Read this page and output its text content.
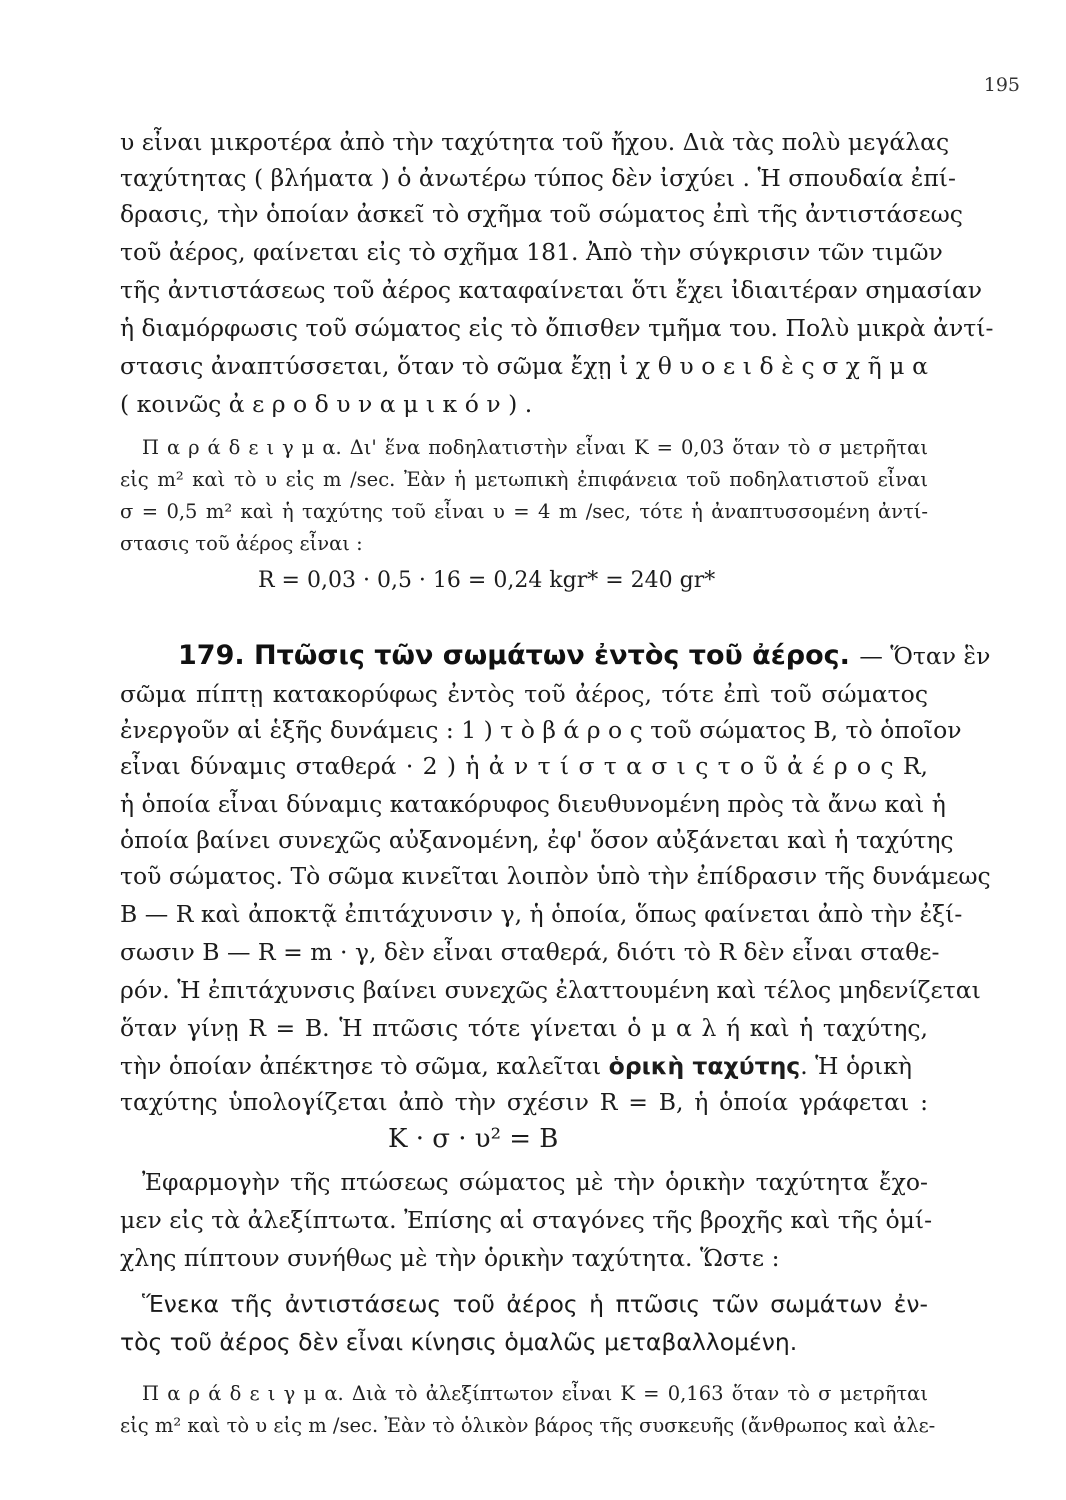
195
υ εἶναι μικροτέρα ἀπὸ τὴν ταχύτητα τοῦ ἤχου. Διὰ τὰς πολὺ μεγάλας
ταχύτητας ( βλήματα ) ὁ ἀνωτέρω τύπος δὲν ἰσχύει . Ἡ σπουδαία ἐπί-
δρασις, τὴν ὁποίαν ἀσκεῖ τὸ σχῆμα τοῦ σώματος ἐπὶ τῆς ἀντιστάσεως
τοῦ ἀέρος, φαίνεται εἰς τὸ σχῆμα 181. Ἀπὸ τὴν σύγκρισιν τῶν τιμῶν
τῆς ἀντιστάσεως τοῦ ἀέρος καταφαίνεται ὅτι ἔχει ἰδιαιτέραν σημασίαν
ἡ διαμόρφωσις τοῦ σώματος εἰς τὸ ὄπισθεν τμῆμα του. Πολὺ μικρὰ ἀντί-
στασις ἀναπτύσσεται, ὅταν τὸ σῶμα ἔχῃ ἰ χ θ υ ο ε ι δ ὲ ς σ χ ῆ μ α
( κοινῶς ἀ ε ρ ο δ υ ν α μ ι κ ό ν ) .
Π α ρ ά δ ε ι γ μ α. Δι' ἕνα ποδηλατιστὴν εἶναι K = 0,03 ὅταν τὸ σ μετρῆται
εἰς m² καὶ τὸ υ εἰς m /sec. Ἐὰν ἡ μετωπικὴ ἐπιφάνεια τοῦ ποδηλατιστοῦ εἶναι
σ = 0,5 m² καὶ ἡ ταχύτης τοῦ εἶναι υ = 4 m /sec, τότε ἡ ἀναπτυσσομένη ἀντί-
στασις τοῦ ἀέρος εἶναι :
R = 0,03 · 0,5 · 16 = 0,24 kgr* = 240 gr*
179. Πτῶσις τῶν σωμάτων ἐντὸς τοῦ ἀέρος. — Ὅταν ἓν
σῶμα πίπτῃ κατακορύφως ἐντὸς τοῦ ἀέρος, τότε ἐπὶ τοῦ σώματος
ἐνεργοῦν αἱ ἑξῆς δυνάμεις : 1 ) τ ὸ β ά ρ ο ς τοῦ σώματος B, τὸ ὁποῖον
εἶναι δύναμις σταθερά · 2 ) ἡ ἀ ν τ ί σ τ α σ ι ς τ ο ῦ ἀ έ ρ ο ς R,
ἡ ὁποία εἶναι δύναμις κατακόρυφος διευθυνομένη πρὸς τὰ ἄνω καὶ ἡ
ὁποία βαίνει συνεχῶς αὐξανομένη, ἐφ' ὅσον αὐξάνεται καὶ ἡ ταχύτης
τοῦ σώματος. Τὸ σῶμα κινεῖται λοιπὸν ὑπὸ τὴν ἐπίδρασιν τῆς δυνάμεως
B — R καὶ ἀποκτᾷ ἐπιτάχυνσιν γ, ἡ ὁποία, ὅπως φαίνεται ἀπὸ τὴν ἐξί-
σωσιν B — R = m · γ, δὲν εἶναι σταθερά, διότι τὸ R δὲν εἶναι σταθε-
ρόν. Ἡ ἐπιτάχυνσις βαίνει συνεχῶς ἐλαττουμένη καὶ τέλος μηδενίζεται
ὅταν γίνῃ R = B. Ἡ πτῶσις τότε γίνεται ὁ μ α λ ή καὶ ἡ ταχύτης,
τὴν ὁποίαν ἀπέκτησε τὸ σῶμα, καλεῖται ὁρικὴ ταχύτης. Ἡ ὁρικὴ
ταχύτης ὑπολογίζεται ἀπὸ τὴν σχέσιν R = B, ἡ ὁποία γράφεται :
K · σ · υ² = B
Ἐφαρμογὴν τῆς πτώσεως σώματος μὲ τὴν ὁρικὴν ταχύτητα ἔχο-
μεν εἰς τὰ ἀλεξίπτωτα. Ἐπίσης αἱ σταγόνες τῆς βροχῆς καὶ τῆς ὁμί-
χλης πίπτουν συνήθως μὲ τὴν ὁρικὴν ταχύτητα. Ὥστε :
Ἕνεκα τῆς ἀντιστάσεως τοῦ ἀέρος ἡ πτῶσις τῶν σωμάτων ἐν-
τὸς τοῦ ἀέρος δὲν εἶναι κίνησις ὁμαλῶς μεταβαλλομένη.
Π α ρ ά δ ε ι γ μ α. Διὰ τὸ ἀλεξίπτωτον εἶναι K = 0,163 ὅταν τὸ σ μετρῆται
εἰς m² καὶ τὸ υ εἰς m /sec. Ἐὰν τὸ ὁλικὸν βάρος τῆς συσκευῆς (ἄνθρωπος καὶ ἀλε-
